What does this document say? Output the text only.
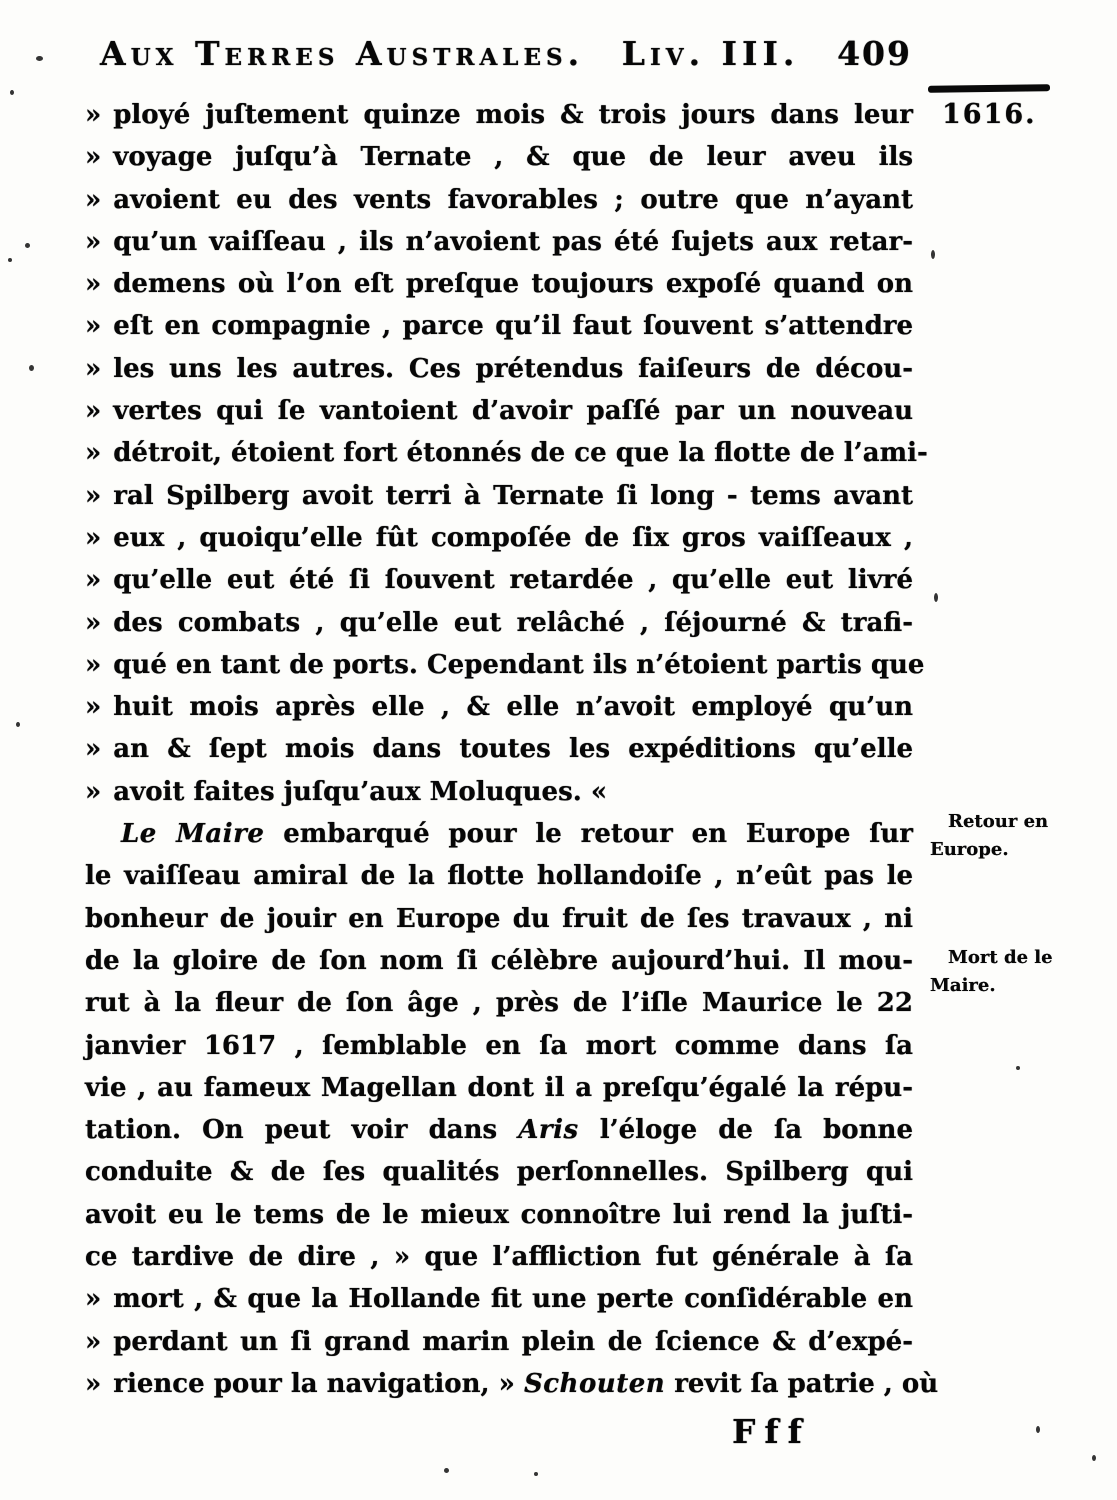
Aux Terres Australes. Liv. III. 409
1616.
» ployé juſtement quinze mois & trois jours dans leur
» voyage juſqu’à Ternate , & que de leur aveu ils
» avoient eu des vents favorables ; outre que n’ayant
» qu’un vaiſſeau , ils n’avoient pas été ſujets aux retar-
» demens où l’on eſt preſque toujours expoſé quand on
» eſt en compagnie , parce qu’il faut ſouvent s’attendre
» les uns les autres. Ces prétendus faiſeurs de décou-
» vertes qui ſe vantoient d’avoir paſſé par un nouveau
» détroit, étoient fort étonnés de ce que la flotte de l’ami-
» ral Spilberg avoit terri à Ternate ſi long - tems avant
» eux , quoiqu’elle fût compoſée de ſix gros vaiſſeaux ,
» qu’elle eut été ſi ſouvent retardée , qu’elle eut livré
» des combats , qu’elle eut relâché , ſéjourné & trafi-
» qué en tant de ports. Cependant ils n’étoient partis que
» huit mois après elle , & elle n’avoit employé qu’un
» an & ſept mois dans toutes les expéditions qu’elle
» avoit faites juſqu’aux Moluques. «
Le Maire embarqué pour le retour en Europe ſur
le vaiſſeau amiral de la flotte hollandoiſe , n’eût pas le
bonheur de jouir en Europe du fruit de ſes travaux , ni
de la gloire de ſon nom ſi célèbre aujourd’hui. Il mou-
rut à la fleur de ſon âge , près de l’iſle Maurice le 22
janvier 1617 , ſemblable en ſa mort comme dans ſa
vie , au fameux Magellan dont il a preſqu’égalé la répu-
tation. On peut voir dans Aris l’éloge de ſa bonne
conduite & de ſes qualités perſonnelles. Spilberg qui
avoit eu le tems de le mieux connoître lui rend la juſti-
ce tardive de dire , » que l’affliction fut générale à ſa
» mort , & que la Hollande fit une perte conſidérable en
» perdant un ſi grand marin plein de ſcience & d’expé-
» rience pour la navigation, » Schouten revit ſa patrie , où
Retour en Europe.
Mort de le Maire.
Fff
